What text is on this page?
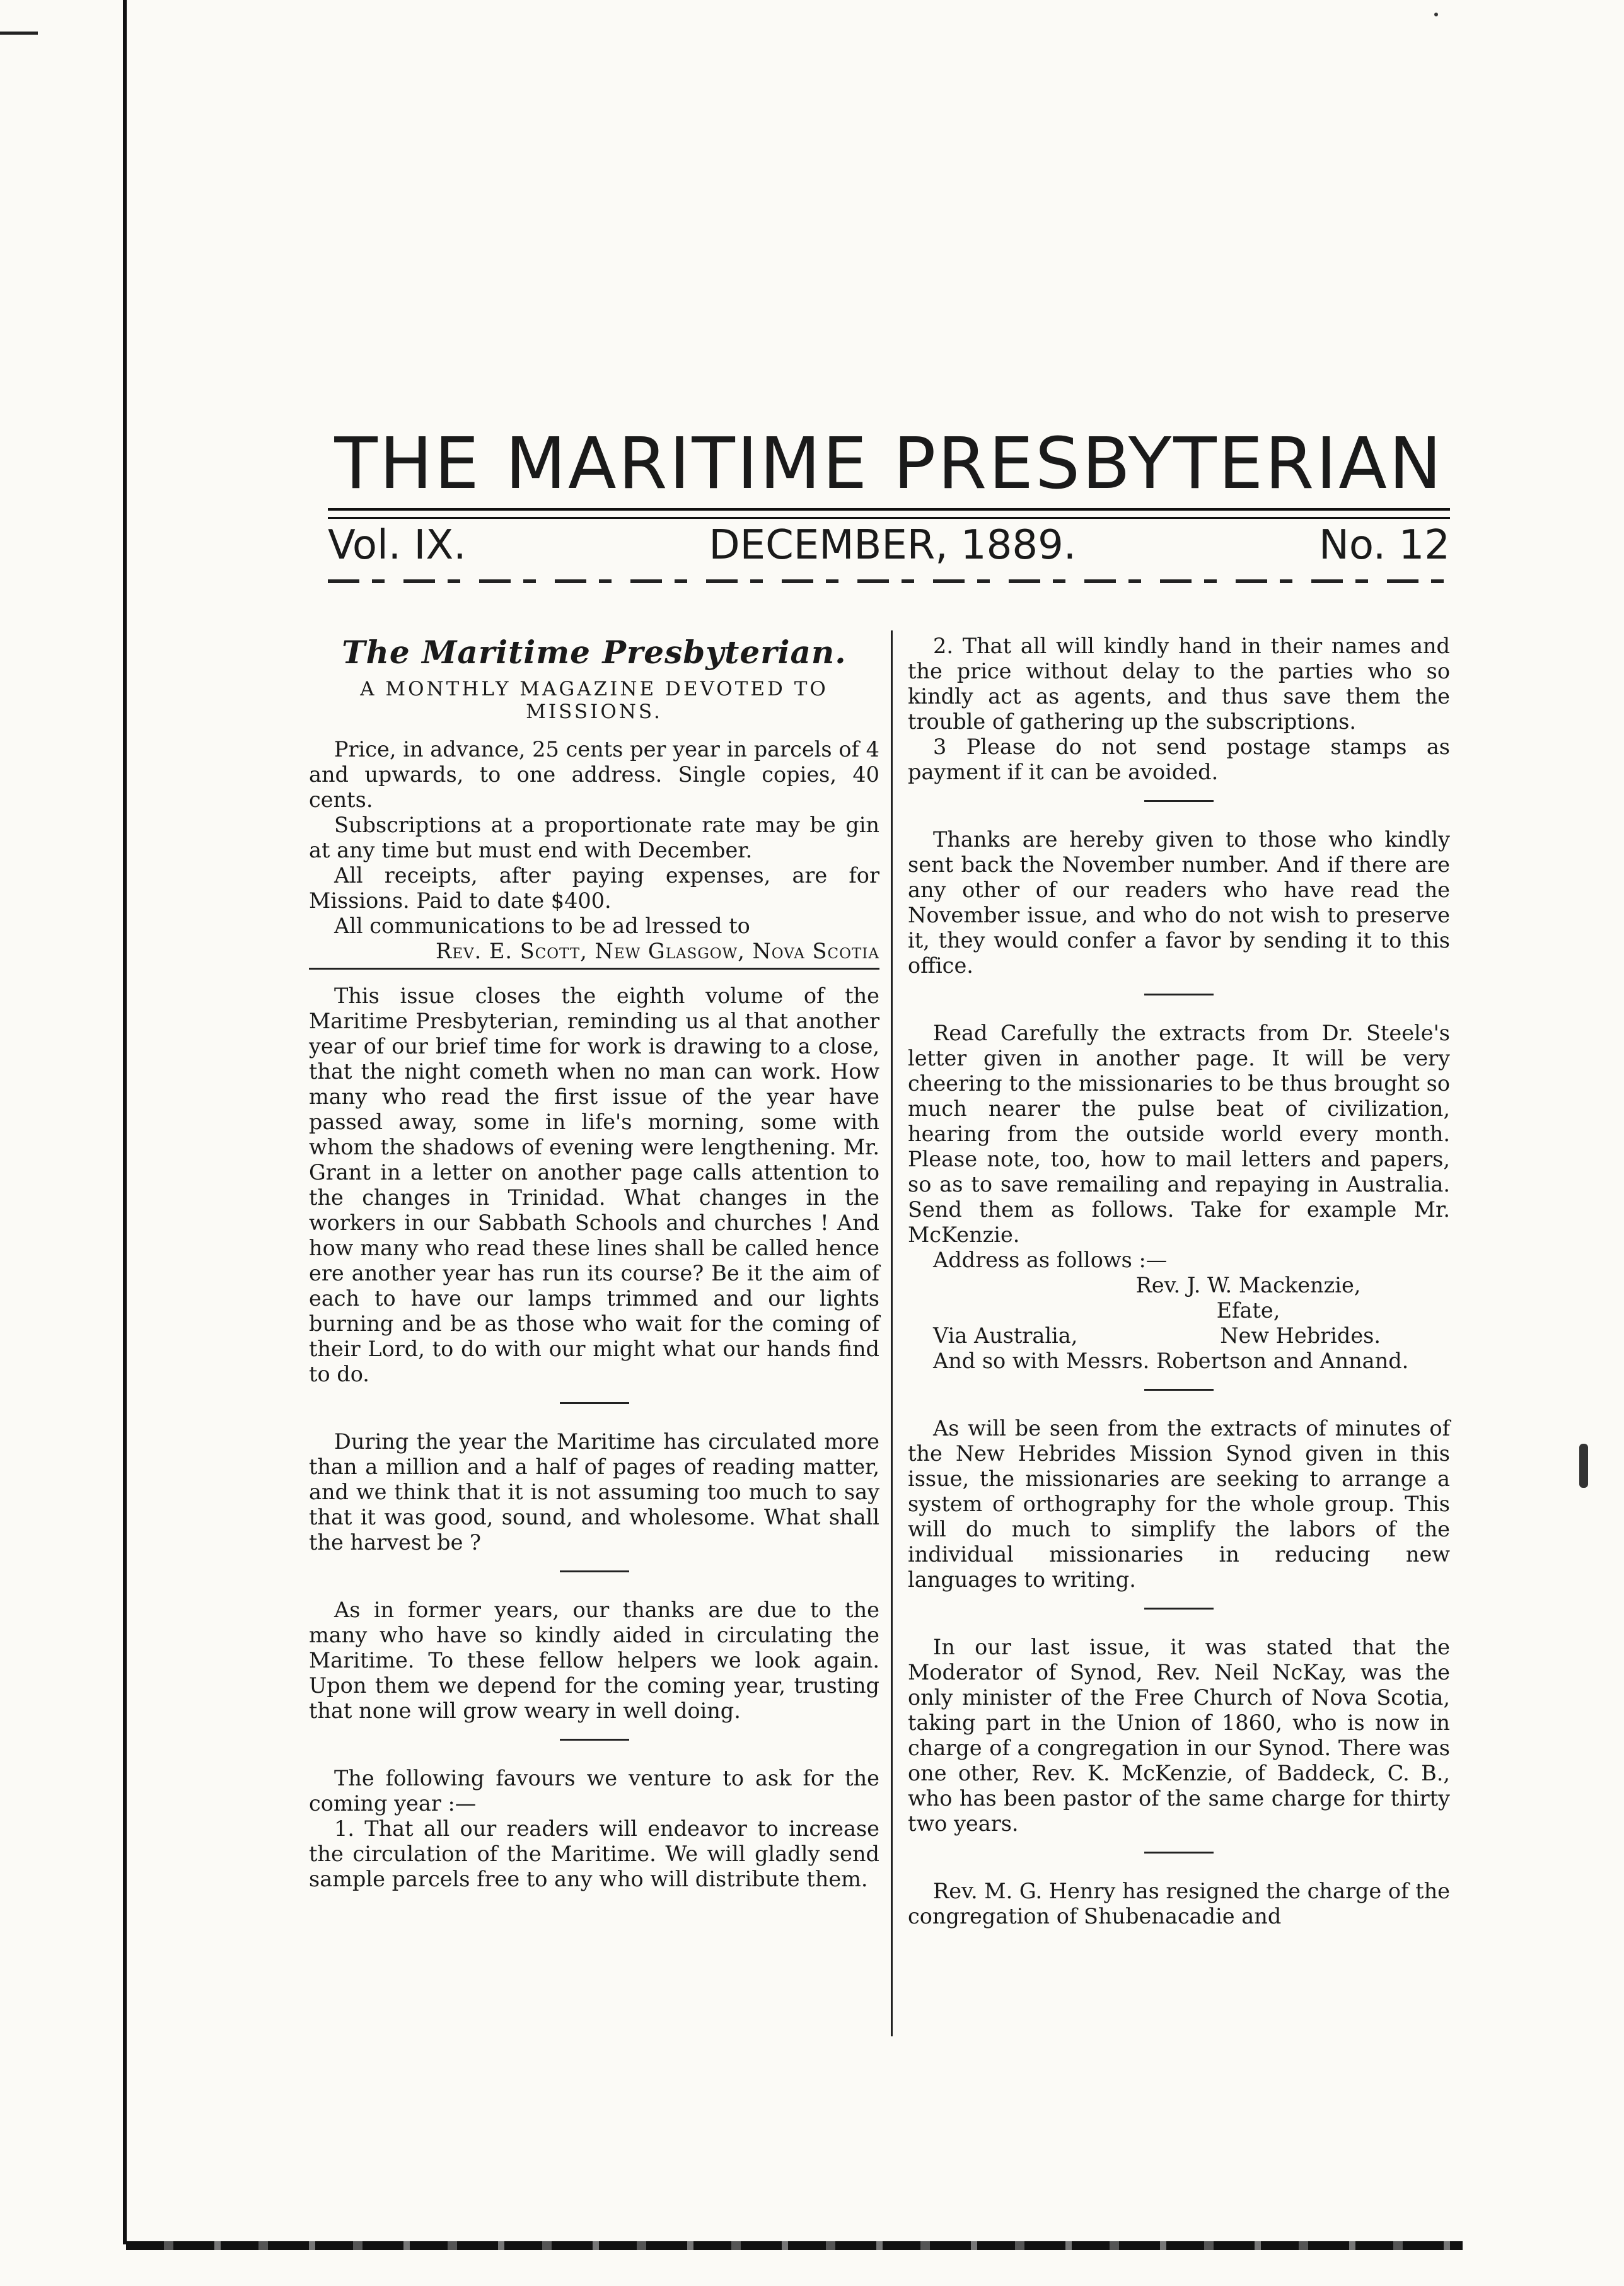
THE MARITIME PRESBYTERIAN
Vol. IX.	DECEMBER, 1889.	No. 12
The Maritime Presbyterian.
A MONTHLY MAGAZINE DEVOTED TO MISSIONS.

Price, in advance, 25 cents per year in parcels of 4 and upwards, to one address. Single copies, 40 cents.

Subscriptions at a proportionate rate may be gin at any time but must end with December.

All receipts, after paying expenses, are for Missions. Paid to date $400.

All communications to be ad lressed to

Rev. E. Scott, New Glasgow, Nova Scotia

This issue closes the eighth volume of the Maritime Presbyterian, reminding us al that another year of our brief time for work is drawing to a close, that the night cometh when no man can work. How many who read the first issue of the year have passed away, some in life's morning, some with whom the shadows of evening were lengthening. Mr. Grant in a letter on another page calls attention to the changes in Trinidad. What changes in the workers in our Sabbath Schools and churches ! And how many who read these lines shall be called hence ere another year has run its course? Be it the aim of each to have our lamps trimmed and our lights burning and be as those who wait for the coming of their Lord, to do with our might what our hands find to do.

During the year the Maritime has circulated more than a million and a half of pages of reading matter, and we think that it is not assuming too much to say that it was good, sound, and wholesome. What shall the harvest be ?

As in former years, our thanks are due to the many who have so kindly aided in circulating the Maritime. To these fellow helpers we look again. Upon them we depend for the coming year, trusting that none will grow weary in well doing.

The following favours we venture to ask for the coming year :—

1. That all our readers will endeavor to increase the circulation of the Maritime. We will gladly send sample parcels free to any who will distribute them.

2. That all will kindly hand in their names and the price without delay to the parties who so kindly act as agents, and thus save them the trouble of gathering up the subscriptions.

3 Please do not send postage stamps as payment if it can be avoided.

Thanks are hereby given to those who kindly sent back the November number. And if there are any other of our readers who have read the November issue, and who do not wish to preserve it, they would confer a favor by sending it to this office.

Read Carefully the extracts from Dr. Steele's letter given in another page. It will be very cheering to the missionaries to be thus brought so much nearer the pulse beat of civilization, hearing from the outside world every month. Please note, too, how to mail letters and papers, so as to save remailing and repaying in Australia. Send them as follows. Take for example Mr. McKenzie.

Address as follows :—

Rev. J. W. Mackenzie,

Efate,

Via Australia,	New Hebrides.

And so with Messrs. Robertson and Annand.

As will be seen from the extracts of minutes of the New Hebrides Mission Synod given in this issue, the missionaries are seeking to arrange a system of orthography for the whole group. This will do much to simplify the labors of the individual missionaries in reducing new languages to writing.

In our last issue, it was stated that the Moderator of Synod, Rev. Neil NcKay, was the only minister of the Free Church of Nova Scotia, taking part in the Union of 1860, who is now in charge of a congregation in our Synod. There was one other, Rev. K. McKenzie, of Baddeck, C. B., who has been pastor of the same charge for thirty two years.

Rev. M. G. Henry has resigned the charge of the congregation of Shubenacadie and
